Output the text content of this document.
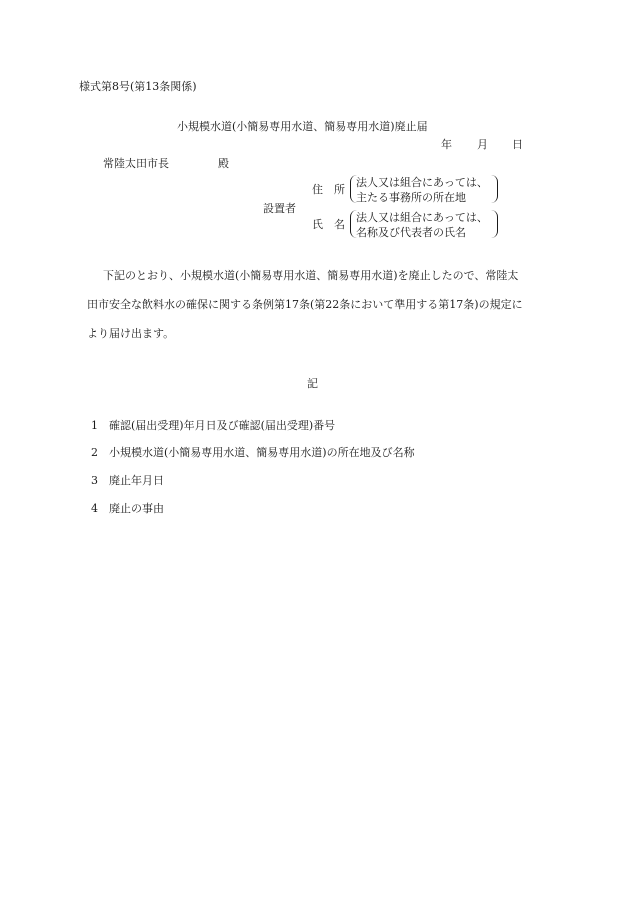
様式第8号(第13条関係)
小規模水道(小簡易専用水道、簡易専用水道)廃止届
年 月 日
常陸太田市長	殿
設置者
住　所
法人又は組合にあっては、
主たる事務所の所在地
氏　名
法人又は組合にあっては、
名称及び代表者の氏名
下記のとおり、小規模水道(小簡易専用水道、簡易専用水道)を廃止したので、常陸太
田市安全な飲料水の確保に関する条例第17条(第22条において準用する第17条)の規定に
より届け出ます。
記
1 確認(届出受理)年月日及び確認(届出受理)番号
2 小規模水道(小簡易専用水道、簡易専用水道)の所在地及び名称
3 廃止年月日
4 廃止の事由
